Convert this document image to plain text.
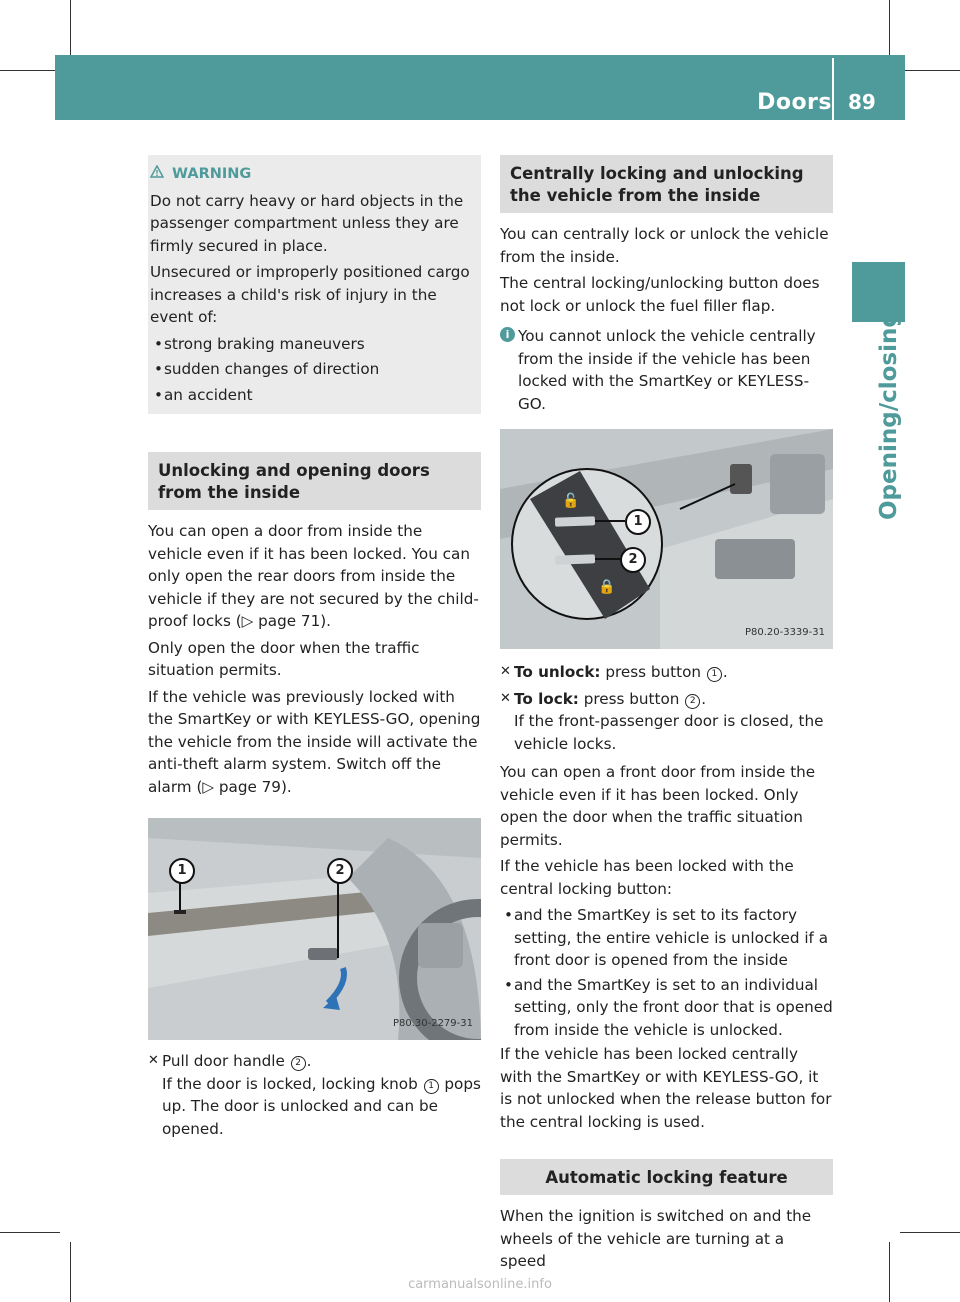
Doors 89
Opening/closing
WARNING

Do not carry heavy or hard objects in the passenger compartment unless they are firmly secured in place.

Unsecured or improperly positioned cargo increases a child's risk of injury in the event of:

• strong braking maneuvers
• sudden changes of direction
• an accident
Unlocking and opening doors from the inside

You can open a door from inside the vehicle even if it has been locked. You can only open the rear doors from inside the vehicle if they are not secured by the child-proof locks (▷ page 71).

Only open the door when the traffic situation permits.

If the vehicle was previously locked with the SmartKey or with KEYLESS-GO, opening the vehicle from the inside will activate the anti-theft alarm system. Switch off the alarm (▷ page 79).

1	2
P80.30-2279-31
✕ Pull door handle 2 .
If the door is locked, locking knob 1 pops up. The door is unlocked and can be opened.
Centrally locking and unlocking the vehicle from the inside

You can centrally lock or unlock the vehicle from the inside.

The central locking/unlocking button does not lock or unlock the fuel filler flap.

i You cannot unlock the vehicle centrally from the inside if the vehicle has been locked with the SmartKey or KEYLESS-GO.
🔓
🔒
1
2
P80.20-3339-31
✕ To unlock: press button 1 .
✕ To lock: press button 2 .
If the front-passenger door is closed, the vehicle locks.

You can open a front door from inside the vehicle even if it has been locked. Only open the door when the traffic situation permits.

If the vehicle has been locked with the central locking button:

• and the SmartKey is set to its factory setting, the entire vehicle is unlocked if a front door is opened from the inside
• and the SmartKey is set to an individual setting, only the front door that is opened from inside the vehicle is unlocked.

If the vehicle has been locked centrally with the SmartKey or with KEYLESS-GO, it is not unlocked when the release button for the central locking is used.

Automatic locking feature

When the ignition is switched on and the wheels of the vehicle are turning at a speed

carmanualsonline.info
